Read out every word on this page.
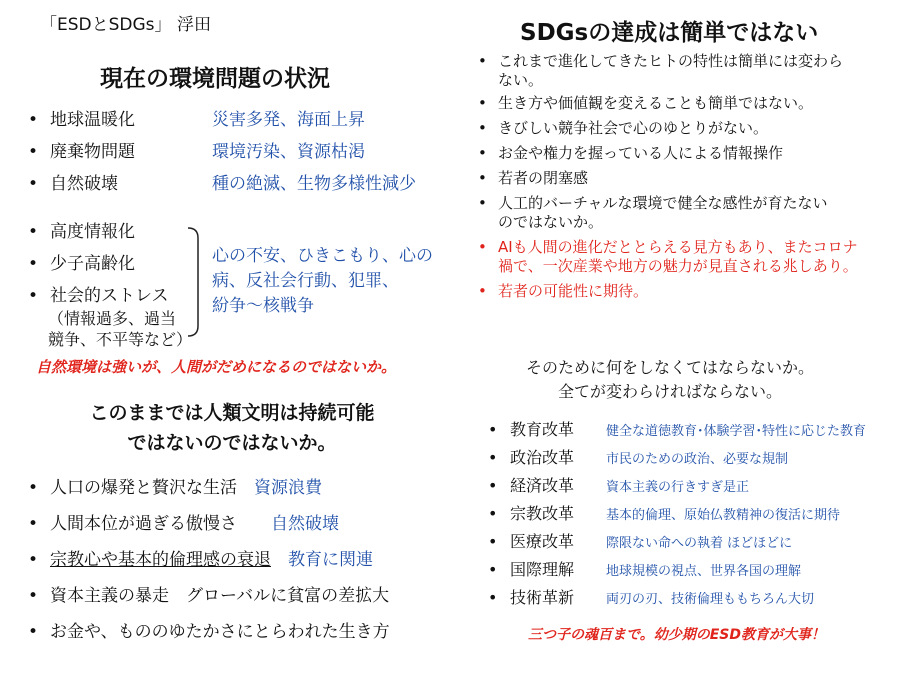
「ESDとSDGs」 浮田
現在の環境問題の状況
• 地球温暖化	災害多発、海面上昇
• 廃棄物問題	環境汚染、資源枯渇
• 自然破壊	種の絶滅、生物多様性減少
• 高度情報化
• 少子高齢化
• 社会的ストレス
（情報過多、過当
競争、不平等など）
心の不安、ひきこもり、心の
病、反社会行動、犯罪、
紛争～核戦争
自然環境は強いが、人間がだめになるのではないか。
このままでは人類文明は持続可能
ではないのではないか。
• 人口の爆発と贅沢な生活　 資源浪費
• 人間本位が過ぎる傲慢さ　　 自然破壊
• 宗教心や基本的倫理感の衰退　 教育に関連
• 資本主義の暴走　グローバルに貧富の差拡大
• お金や、もののゆたかさにとらわれた生き方
SDGsの達成は簡単ではない
• これまで進化してきたヒトの特性は簡単には変わら
ない。
• 生き方や価値観を変えることも簡単ではない。
• きびしい競争社会で心のゆとりがない。
• お金や権力を握っている人による情報操作
• 若者の閉塞感
• 人工的バーチャルな環境で健全な感性が育たない
のではないか。
• AIも人間の進化だととらえる見方もあり、またコロナ
禍で、一次産業や地方の魅力が見直される兆しあり。
• 若者の可能性に期待。
そのために何をしなくてはならないか。
全てが変わらければならない。
• 教育改革 健全な道徳教育･体験学習･特性に応じた教育
• 政治改革 市民のための政治、必要な規制
• 経済改革 資本主義の行きすぎ是正
• 宗教改革 基本的倫理、原始仏教精神の復活に期待
• 医療改革 際限ない命への執着 ほどほどに
• 国際理解 地球規模の視点、世界各国の理解
• 技術革新 両刃の刃、技術倫理ももちろん大切
三つ子の魂百まで。幼少期のESD教育が大事！
